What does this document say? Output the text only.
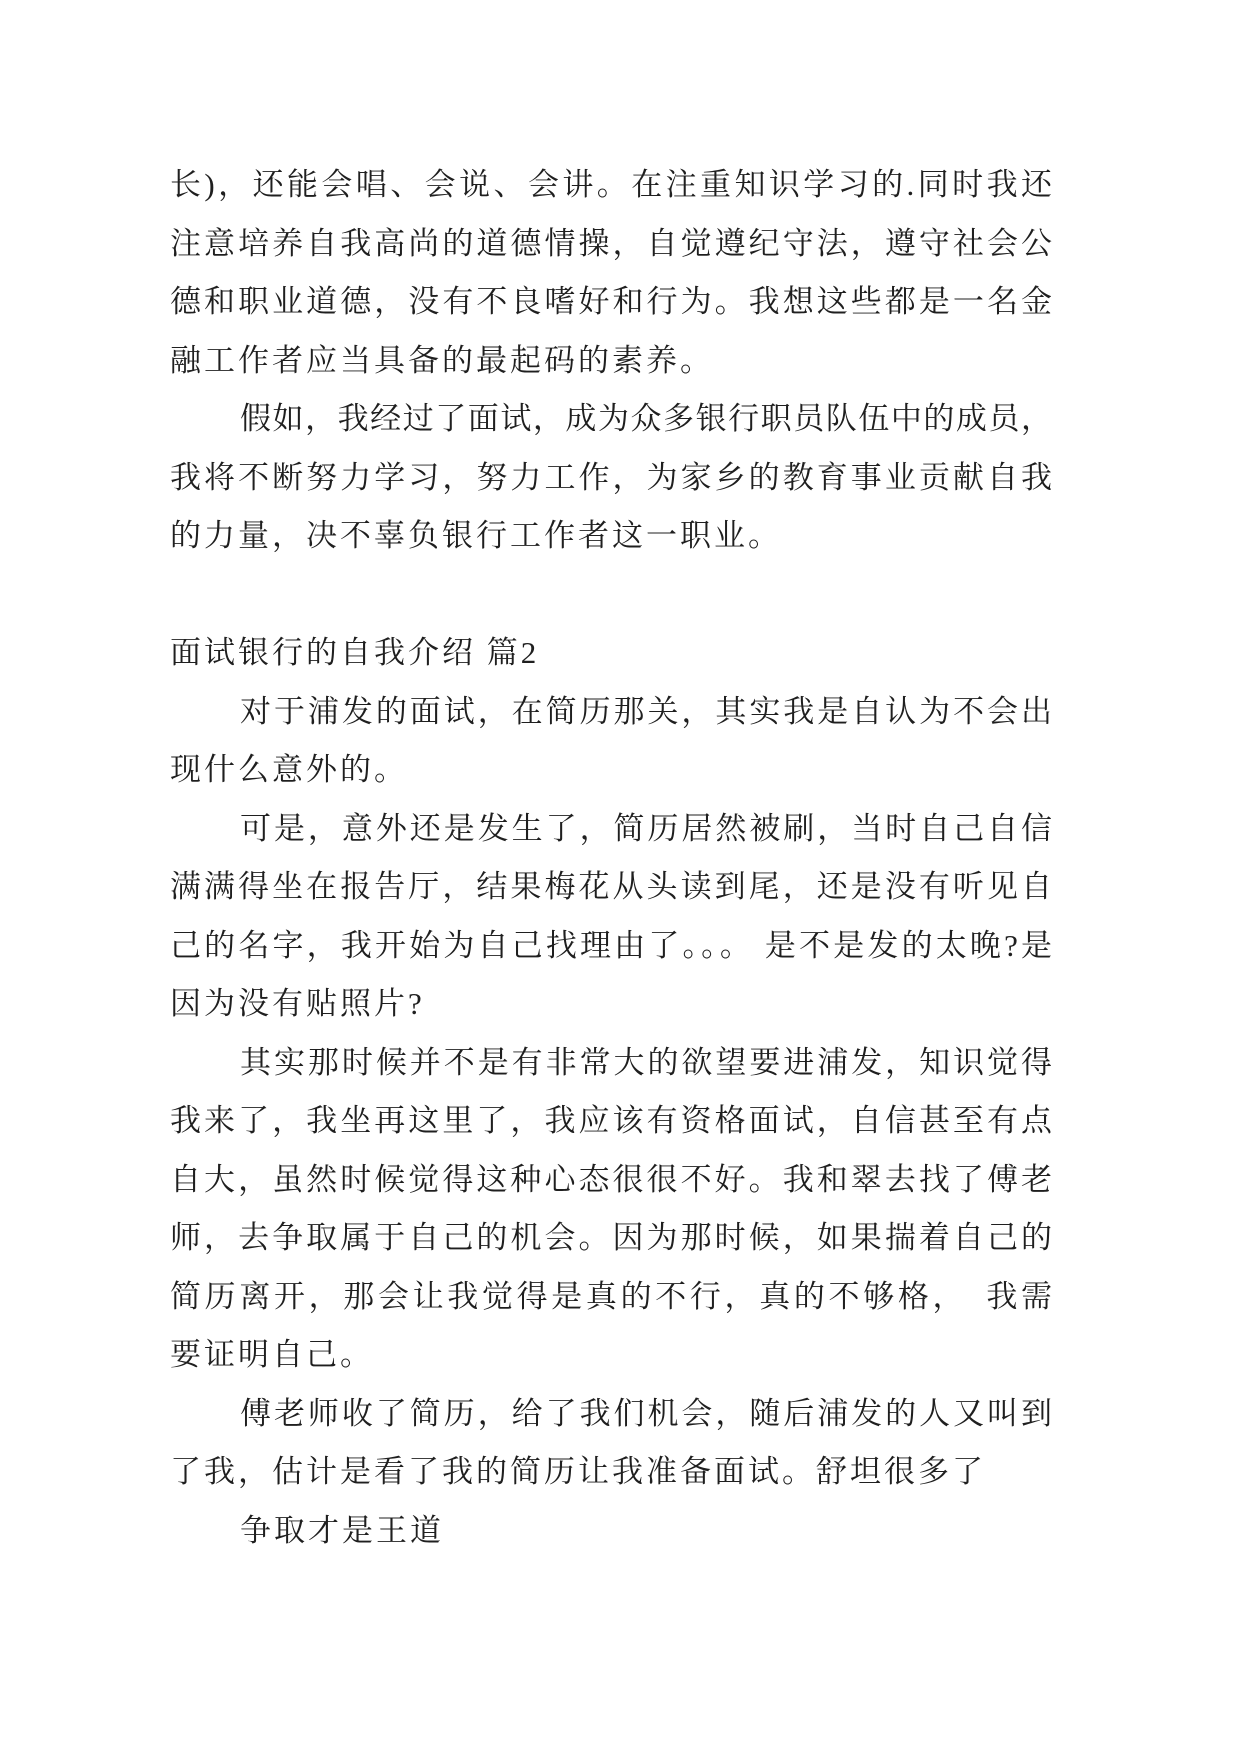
长)，还能会唱、会说、会讲。在注重知识学习的.同时我还
注意培养自我高尚的道德情操，自觉遵纪守法，遵守社会公
德和职业道德，没有不良嗜好和行为。我想这些都是一名金
融工作者应当具备的最起码的素养。
假如，我经过了面试，成为众多银行职员队伍中的成员，
我将不断努力学习，努力工作，为家乡的教育事业贡献自我
的力量，决不辜负银行工作者这一职业。
面试银行的自我介绍 篇2
对于浦发的面试，在简历那关，其实我是自认为不会出
现什么意外的。
可是，意外还是发生了，简历居然被刷，当时自己自信
满满得坐在报告厅，结果梅花从头读到尾，还是没有听见自
己的名字，我开始为自己找理由了。。。 是不是发的太晚?是
因为没有贴照片?
其实那时候并不是有非常大的欲望要进浦发，知识觉得
我来了，我坐再这里了，我应该有资格面试，自信甚至有点
自大，虽然时候觉得这种心态很很不好。我和翠去找了傅老
师，去争取属于自己的机会。因为那时候，如果揣着自己的
简历离开，那会让我觉得是真的不行，真的不够格，　我需
要证明自己。
傅老师收了简历，给了我们机会，随后浦发的人又叫到
了我，估计是看了我的简历让我准备面试。舒坦很多了
争取才是王道
